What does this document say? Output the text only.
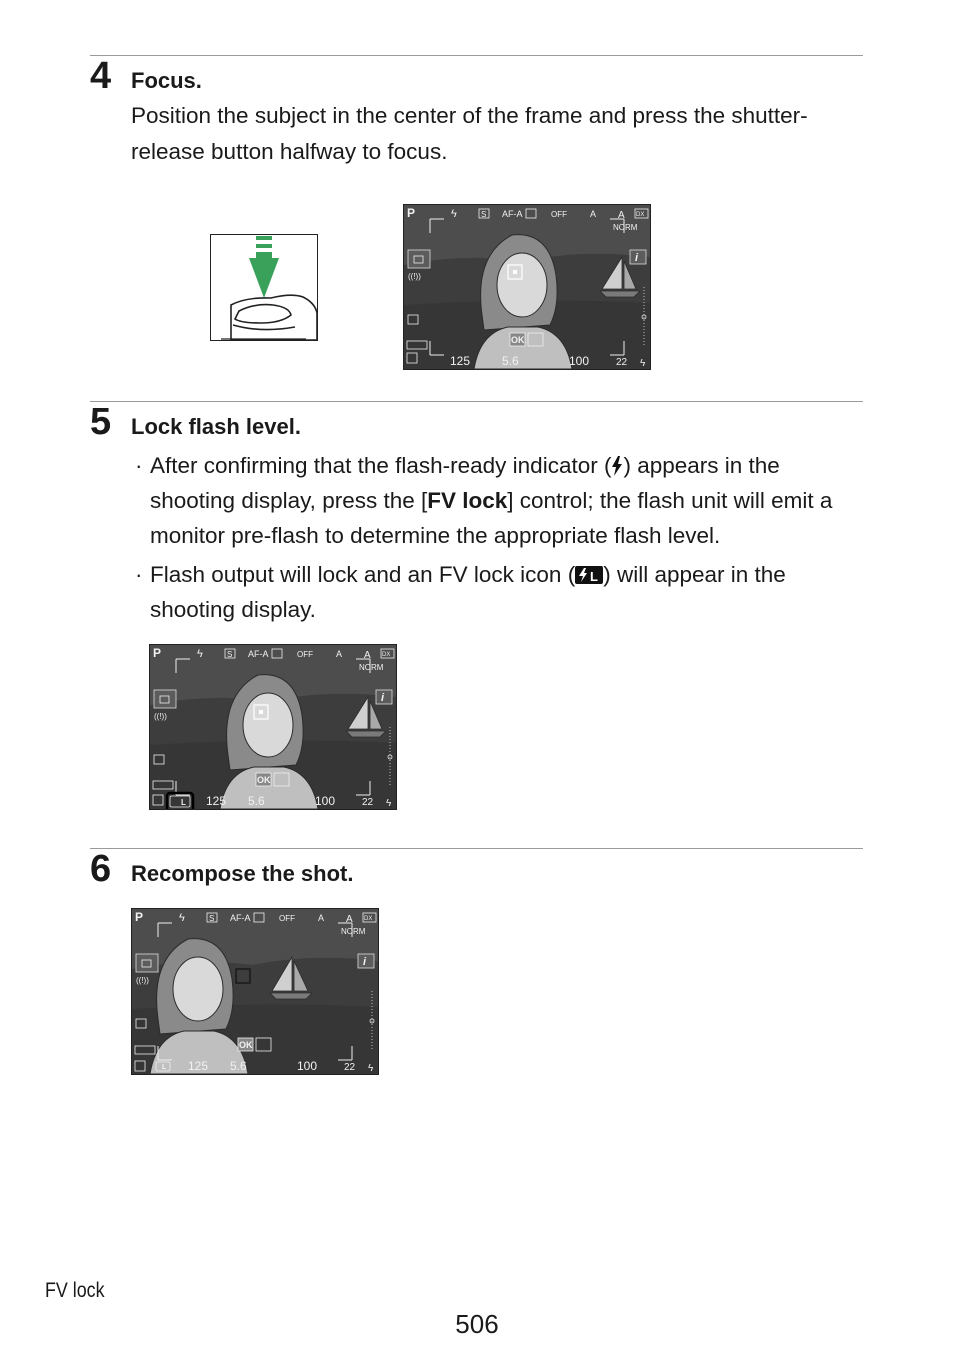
4 Focus.

Position the subject in the center of the frame and press the shutter-release button halfway to focus.

P	ϟ	S AF-A	OFF	A A DX
NORM
((!))
i
OK
125	5.6	100	22 ϟ
5 Lock flash level.
· After confirming that the flash-ready indicator ( ) appears in the shooting display, press the [FV lock] control; the flash unit will emit a monitor pre-flash to determine the appropriate flash level.
· Flash output will lock and an FV lock icon ( L ) will appear in the shooting display.
P	ϟ	S AF-A	OFF	A A DX
NORM
((!))
L
i
OK
125 5.6	100	22 ϟ
6 Recompose the shot.
P	ϟ	S AF-A	OFF	A A DX
NORM
((!))
L
i
OK
125 5.6	100	22 ϟ
FV lock
506
